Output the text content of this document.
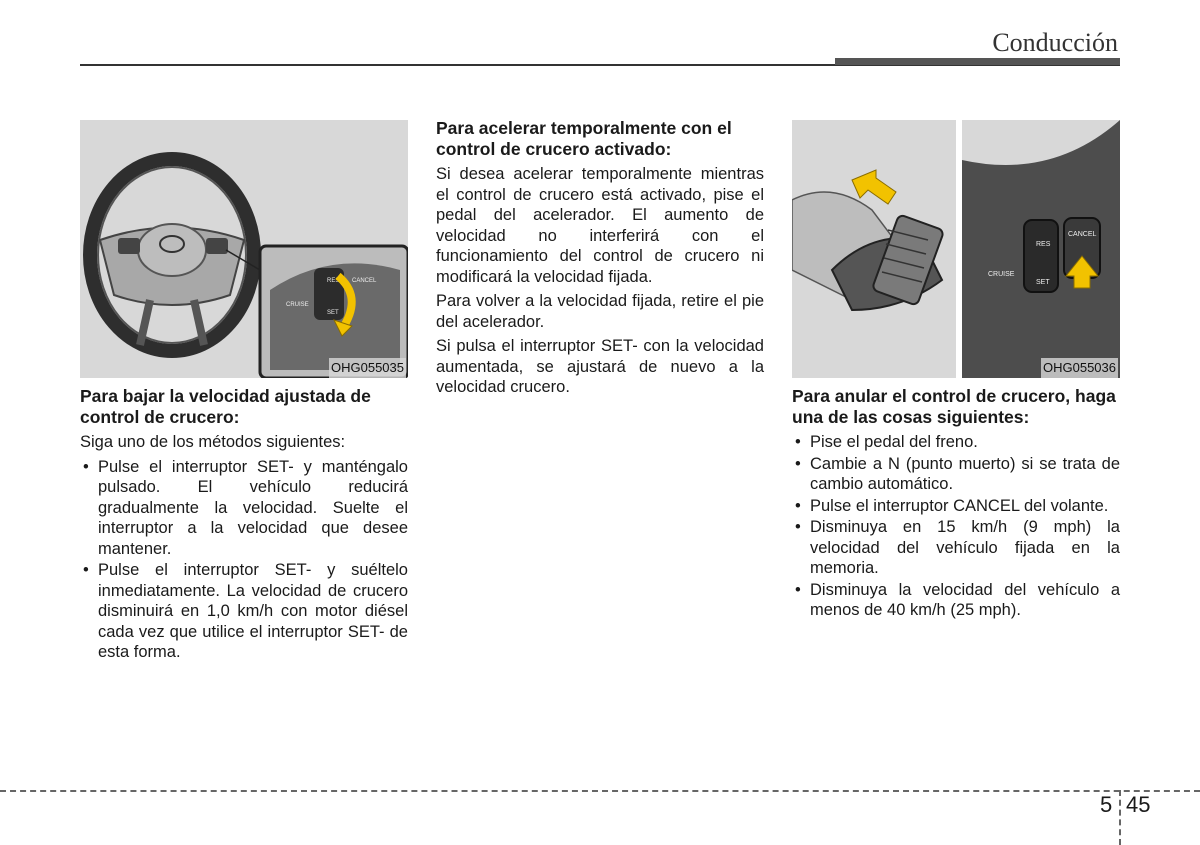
Conducción
RES
SET
CRUISE
CANCEL
OHG055035
Para bajar la velocidad ajustada de control de crucero:

Siga uno de los métodos siguientes:

• Pulse el interruptor SET- y manténgalo pulsado. El vehículo reducirá gradualmente la velocidad. Suelte el interruptor a la velocidad que desee mantener.
• Pulse el interruptor SET- y suéltelo inmediatamente. La velocidad de crucero disminuirá en 1,0 km/h con motor diésel cada vez que utilice el interruptor SET- de esta forma.
Para acelerar temporalmente con el control de crucero activado:

Si desea acelerar temporalmente mientras el control de crucero está activado, pise el pedal del acelerador. El aumento de velocidad no interferirá con el funcionamiento del control de crucero ni modificará la velocidad fijada.

Para volver a la velocidad fijada, retire el pie del acelerador.

Si pulsa el interruptor SET- con la velocidad aumentada, se ajustará de nuevo a la velocidad crucero.

RES
SET
CRUISE
CANCEL
OHG055036
Para anular el control de crucero, haga una de las cosas siguientes:
• Pise el pedal del freno.
• Cambie a N (punto muerto) si se trata de cambio automático.
• Pulse el interruptor CANCEL del volante.
• Disminuya en 15 km/h (9 mph) la velocidad del vehículo fijada en la memoria.
• Disminuya la velocidad del vehículo a menos de 40 km/h (25 mph).
5 45
